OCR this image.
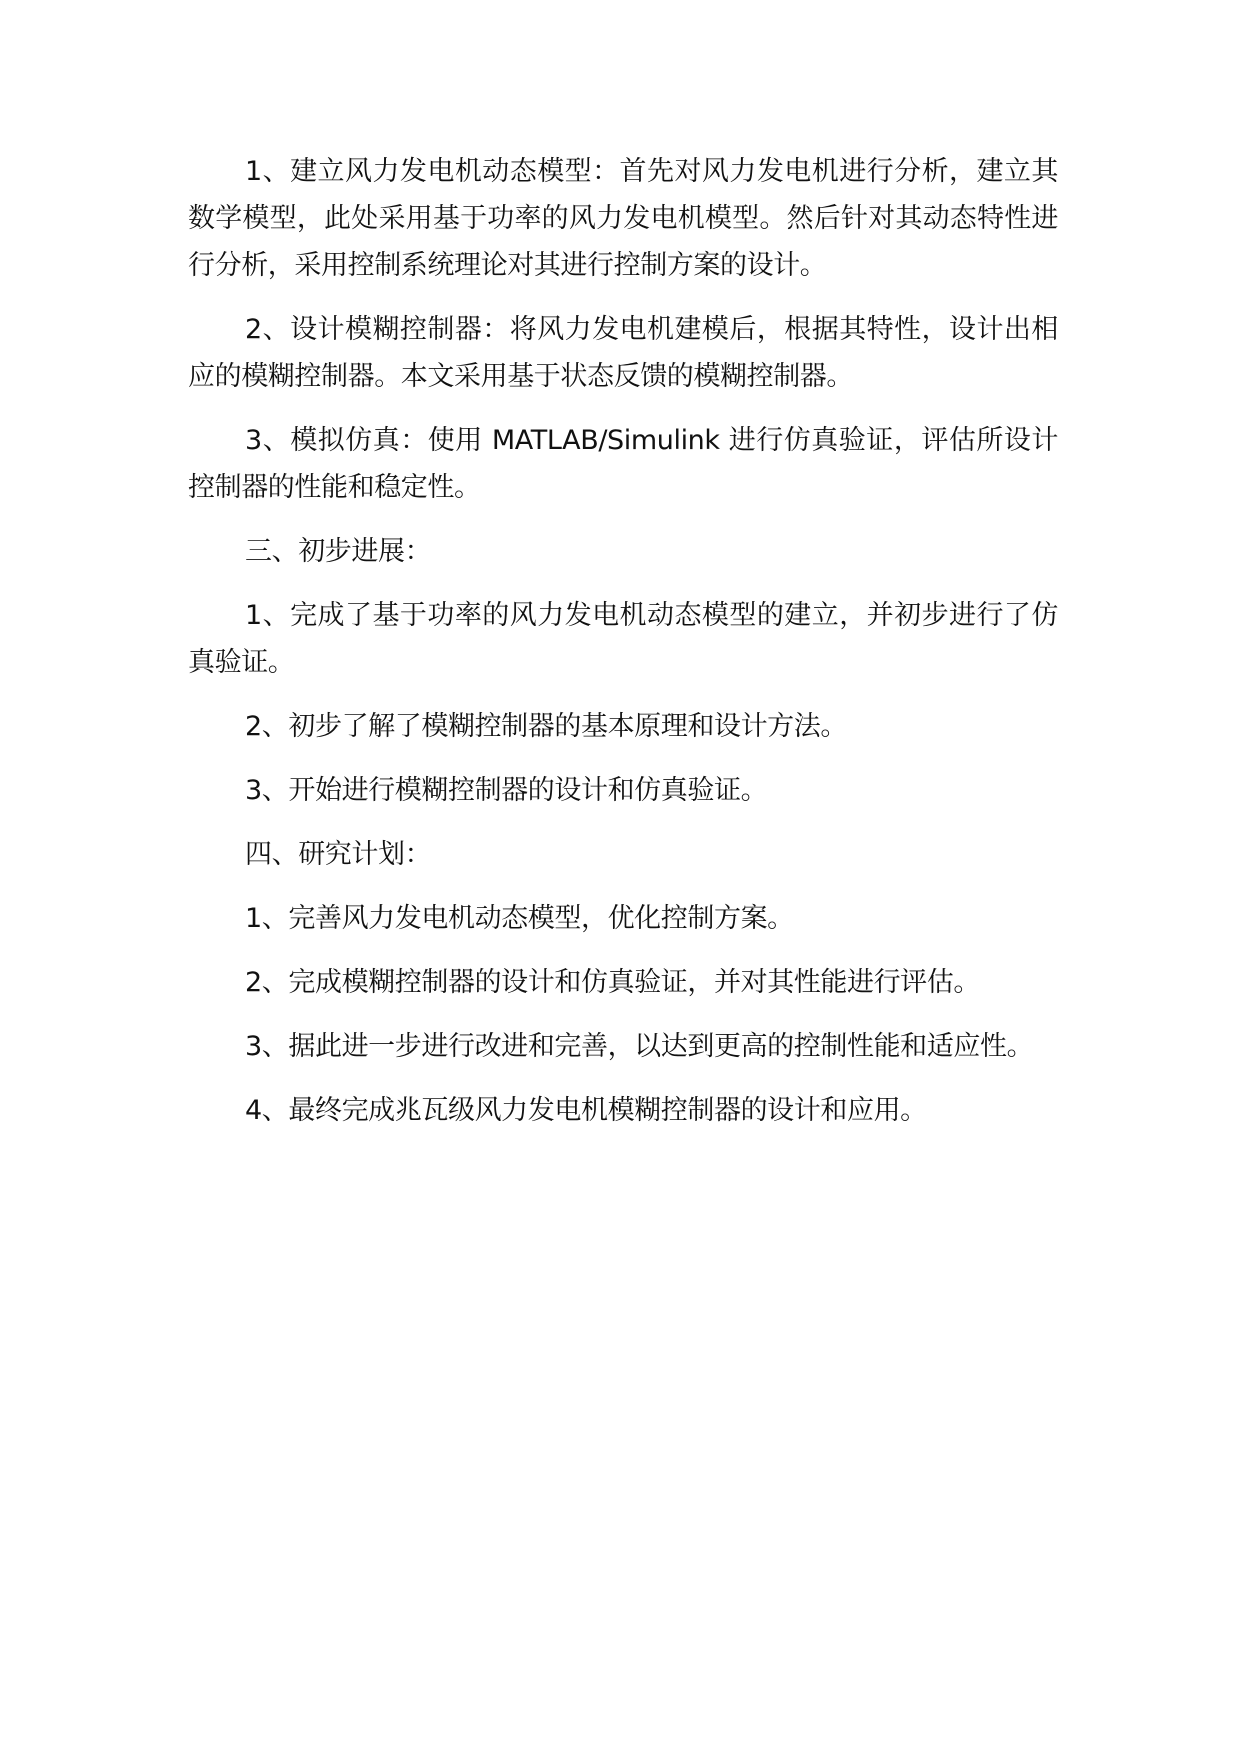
1、建立风力发电机动态模型：首先对风力发电机进行分析，建立其数学模型，此处采用基于功率的风力发电机模型。然后针对其动态特性进行分析，采用控制系统理论对其进行控制方案的设计。

2、设计模糊控制器：将风力发电机建模后，根据其特性，设计出相应的模糊控制器。本文采用基于状态反馈的模糊控制器。

3、模拟仿真：使用 MATLAB/Simulink 进行仿真验证，评估所设计控制器的性能和稳定性。

三、初步进展：

1、完成了基于功率的风力发电机动态模型的建立，并初步进行了仿真验证。

2、初步了解了模糊控制器的基本原理和设计方法。

3、开始进行模糊控制器的设计和仿真验证。

四、研究计划：

1、完善风力发电机动态模型，优化控制方案。

2、完成模糊控制器的设计和仿真验证，并对其性能进行评估。

3、据此进一步进行改进和完善，以达到更高的控制性能和适应性。

4、最终完成兆瓦级风力发电机模糊控制器的设计和应用。
